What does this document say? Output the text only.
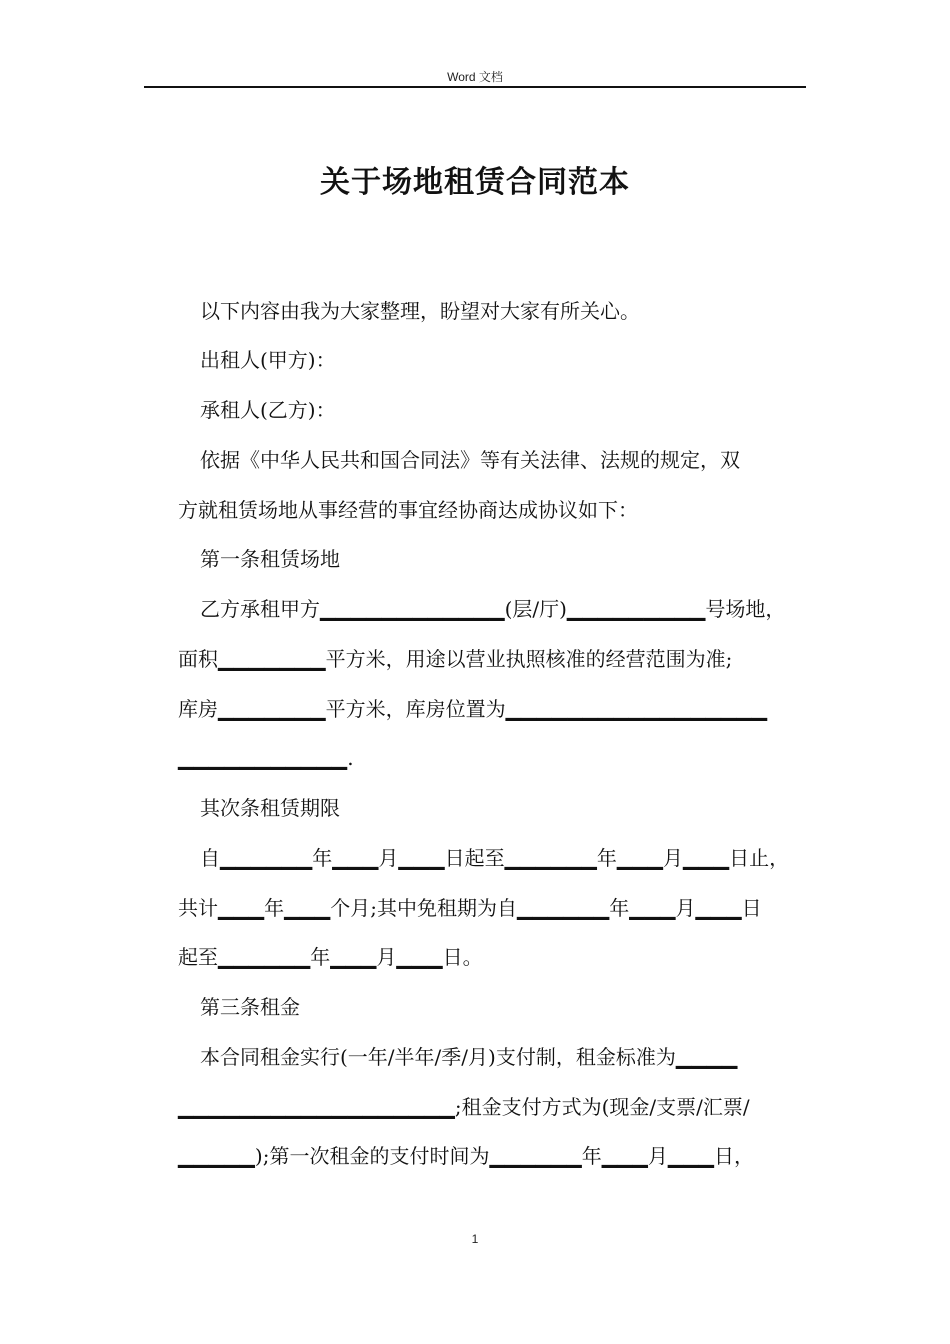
Word 文档
关于场地租赁合同范本
以下内容由我为大家整理，盼望对大家有所关心。
出租人(甲方)：
承租人(乙方)：
依据《中华人民共和国合同法》等有关法律、法规的规定，双
方就租赁场地从事经营的事宜经协商达成协议如下：
第一条租赁场地
乙方承租甲方▁▁▁▁▁▁▁▁▁▁▁▁(层/厅)▁▁▁▁▁▁▁▁▁号场地，
面积▁▁▁▁▁▁▁平方米，用途以营业执照核准的经营范围为准;
库房▁▁▁▁▁▁▁平方米，库房位置为▁▁▁▁▁▁▁▁▁▁▁▁▁▁▁▁▁
▁▁▁▁▁▁▁▁▁▁▁.
其次条租赁期限
自▁▁▁▁▁▁年▁▁▁月▁▁▁日起至▁▁▁▁▁▁年▁▁▁月▁▁▁日止，
共计▁▁▁年▁▁▁个月;其中免租期为自▁▁▁▁▁▁年▁▁▁月▁▁▁日
起至▁▁▁▁▁▁年▁▁▁月▁▁▁日。
第三条租金
本合同租金实行(一年/半年/季/月)支付制，租金标准为▁▁▁▁
▁▁▁▁▁▁▁▁▁▁▁▁▁▁▁▁▁▁;租金支付方式为(现金/支票/汇票/
▁▁▁▁▁);第一次租金的支付时间为▁▁▁▁▁▁年▁▁▁月▁▁▁日，
1
